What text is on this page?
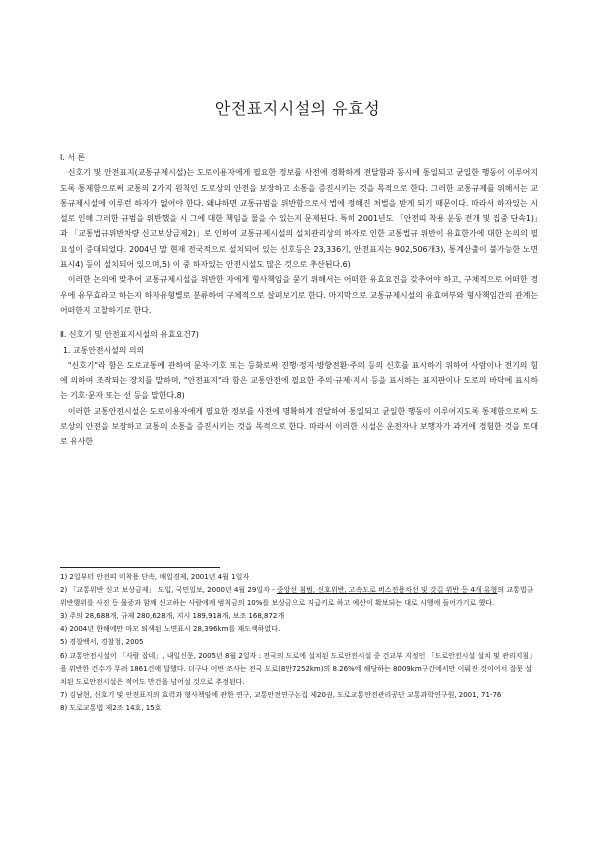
안전표지시설의 유효성

Ⅰ. 서 론

신호기 및 안전표지(교통규제시설)는 도로이용자에게 필요한 정보를 사전에 경확하게 전달함과 동시에 통일되고 균일한 행동이 이루어지도록 통제함으로써 교통의 2가지 원칙인 도로상의 안전을 보장하고 소통을 증진시키는 것을 목적으로 한다. 그러한 교통규제를 위해서는 교통규제시설에 이루런 하자가 없어야 한다. 왜냐하면 교통규범을 위반함으로서 법에 정해진 처벌을 받게 되기 때문이다. 따라서 하자있는 시설로 인해 그러한 규범을 위반했을 시 그에 대한 책임을 물을 수 있는지 문제된다. 특히 2001년도 「안전띠 착용 운동 전개 및 집중 단속1)」과 「교통법규위반차량 신고보상금제2)」로 인하여 교통규제시설의 설치관리상의 하자로 인한 교통법규 위반이 유효한가에 대한 논의의 필요성이 증대되었다. 2004년 말 현재 전국적으로 설치되어 있는 신호등은 23,336기, 안전표지는 902,506개3), 통계산출이 불가능한 노면표시4) 등이 설치되어 있으며,5) 이 중 하자있는 안전시설도 많은 것으로 추산된다.6)

이러한 논의에 맞추어 교통규제시설을 위반한 자에게 형사책임을 묻기 위해서는 어떠한 유효요건을 갖추어야 하고, 구체적으로 어떠한 경우에 유무효라고 하는지 하자유형별로 분류하여 구체적으로 살펴보기로 한다. 마지막으로 교통규제시설의 유효여부와 형사책임간의 관계는 어떠한지 고찰하기로 한다.

Ⅱ. 신호기 및 안전표지시설의 유효요건7)

1. 교통안전시설의 의의

"신호기"라 함은 도로교통에 관하여 문자·기호 또는 등화로써 진행·정지·방향전환·주의 등의 신호를 표시하기 위하여 사람이나 전기의 힘에 의하여 조작되는 장치를 말하며, "안전표지"라 함은 교통안전에 필요한 주의·규제·지시 등을 표시하는 표지판이나 도로의 바닥에 표시하는 기호·문자 또는 선 등을 말한다.8)

이러한 교통안전시설은 도로이용자에게 필요한 정보를 사전에 명확하게 전달하여 통일되고 균일한 행동이 이루어지도록 통제함으로써 도로상의 안전을 보장하고 교통의 소통을 증진시키는 것을 목적으로 한다. 따라서 이러한 시설은 운전자나 보행자가 과거에 경험한 것을 토대로 유사한

1) 2일부터 안전띠 미착용 단속, 매일경제, 2001년 4월 1일자

2) 「교통위반 신고 보상금제」 도입, 국민일보, 2000년 4월 29일자 - 중앙선 침범, 신호위반, 고속도로 버스전용차선 및 갓길 위반 등 4개 유형의 교통법규 위반행위를 사진 등 물증과 함께 신고하는 사람에게 범칙금의 10%를 보상금으로 지급키로 하고 예산이 확보되는 대로 시행에 들어가기로 했다.

3) 주의 28,688개, 규제 280,628개, 지시 189,918개, 보조 168,872개

4) 2004년 한해에만 마모 퇴색된 노면표시 28,396km를 재도색하였다.

5) 경찰백서, 경찰청, 2005

6) 교통안전시설이 「사람 잡네」, 내일신문, 2005년 8월 2일자 : 전국의 도로에 설치된 도로안전시설 중 건교부 지정인 「도로안전시설 설치 및 관리지침」 을 위반한 건수가 무려 1861건에 달했다. 더구나 이번 조사는 전국 도로(8만7252km)의 8.26%에 해당하는 8009km구간에서만 이뤄진 것이어서 잘못 설치된 도로안전시설은 적어도 만건을 넘어설 것으로 추정된다.

7) 김남현, 신호기 및 안전표지의 효력과 형사책임에 관한 연구, 교통안전연구논집 제20권, 도로교통안전관리공단 교통과학연구원, 2001, 71-76

8) 도로교통법 제2조 14호, 15호
